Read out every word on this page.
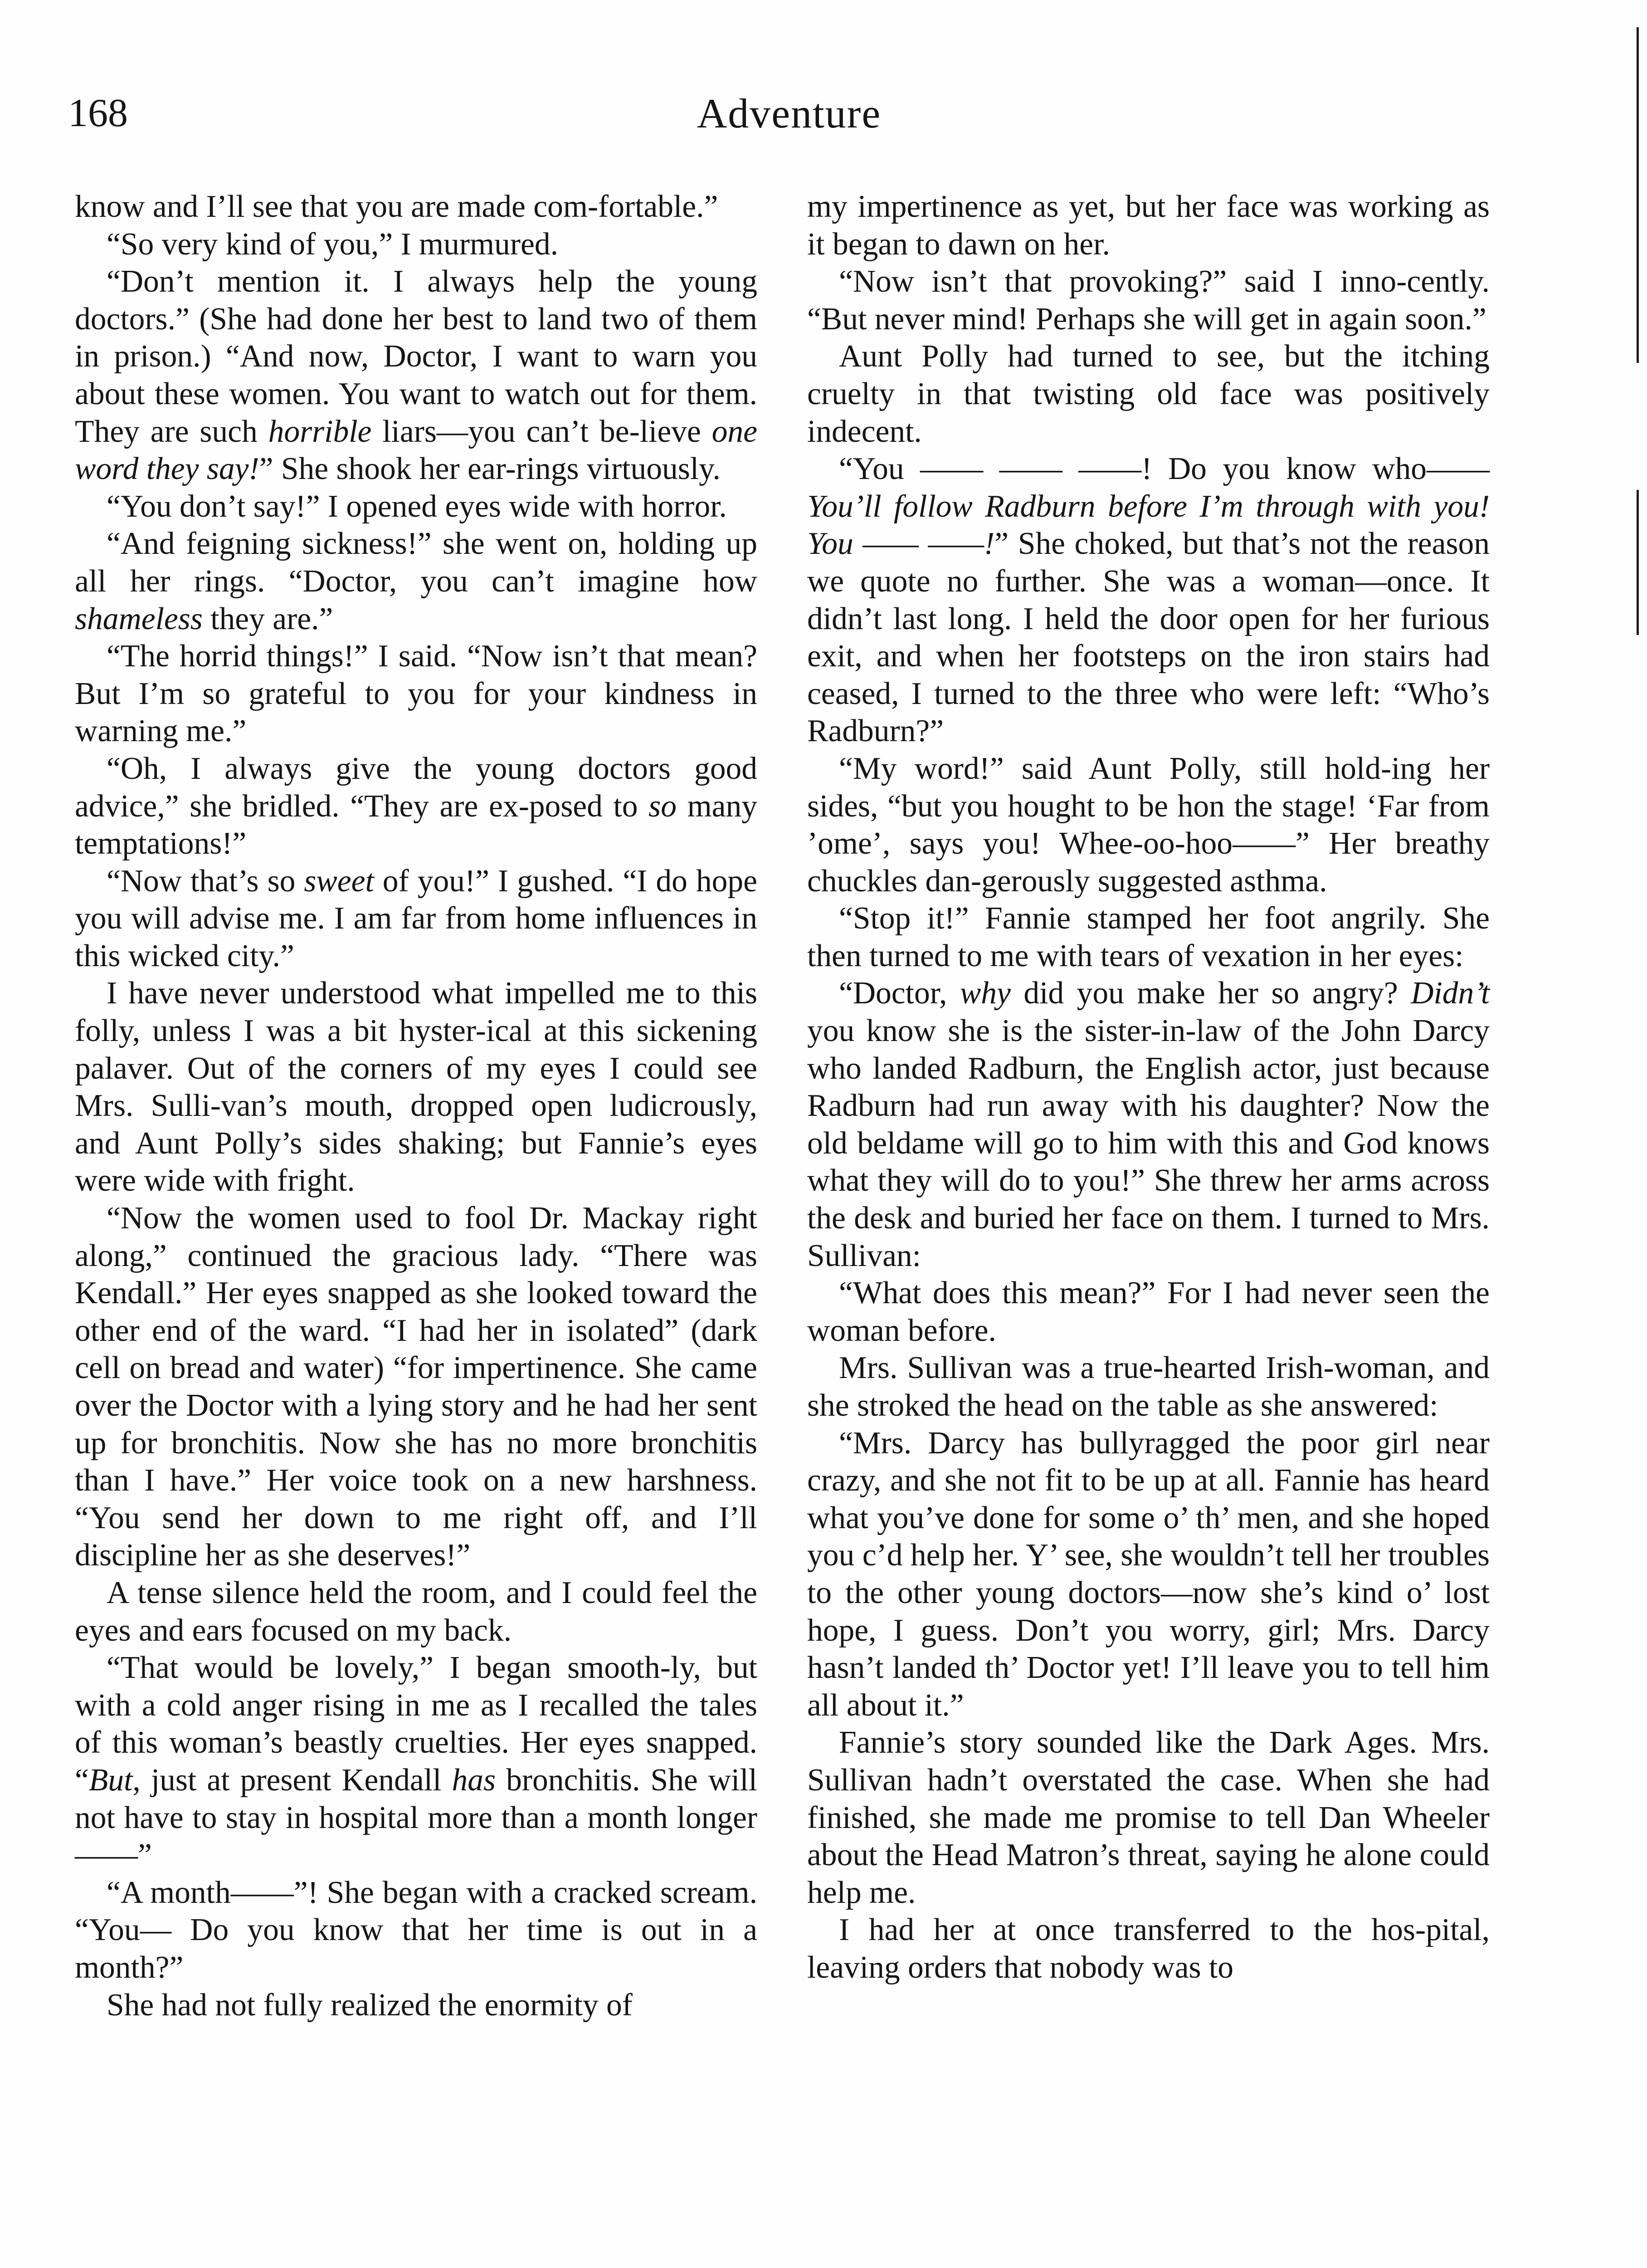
168	Adventure

know and I’ll see that you are made com-fortable.”

“So very kind of you,” I murmured.

“Don’t mention it. I always help the young doctors.” (She had done her best to land two of them in prison.) “And now, Doctor, I want to warn you about these women. You want to watch out for them. They are such horrible liars—you can’t be-lieve one word they say!” She shook her ear-rings virtuously.

“You don’t say!” I opened eyes wide with horror.

“And feigning sickness!” she went on, holding up all her rings. “Doctor, you can’t imagine how shameless they are.”

“The horrid things!” I said. “Now isn’t that mean? But I’m so grateful to you for your kindness in warning me.”

“Oh, I always give the young doctors good advice,” she bridled. “They are ex-posed to so many temptations!”

“Now that’s so sweet of you!” I gushed. “I do hope you will advise me. I am far from home influences in this wicked city.”

I have never understood what impelled me to this folly, unless I was a bit hyster-ical at this sickening palaver. Out of the corners of my eyes I could see Mrs. Sulli-van’s mouth, dropped open ludicrously, and Aunt Polly’s sides shaking; but Fannie’s eyes were wide with fright.

“Now the women used to fool Dr. Mackay right along,” continued the gracious lady. “There was Kendall.” Her eyes snapped as she looked toward the other end of the ward. “I had her in isolated” (dark cell on bread and water) “for impertinence. She came over the Doctor with a lying story and he had her sent up for bronchitis. Now she has no more bronchitis than I have.” Her voice took on a new harshness. “You send her down to me right off, and I’ll discipline her as she deserves!”

A tense silence held the room, and I could feel the eyes and ears focused on my back.

“That would be lovely,” I began smooth-ly, but with a cold anger rising in me as I recalled the tales of this woman’s beastly cruelties. Her eyes snapped. “But, just at present Kendall has bronchitis. She will not have to stay in hospital more than a month longer——”

“A month——”! She began with a cracked scream. “You— Do you know that her time is out in a month?”

She had not fully realized the enormity of

my impertinence as yet, but her face was working as it began to dawn on her.

“Now isn’t that provoking?” said I inno-cently. “But never mind! Perhaps she will get in again soon.”

Aunt Polly had turned to see, but the itching cruelty in that twisting old face was positively indecent.

“You —— —— ——! Do you know who—— You’ll follow Radburn before I’m through with you! You —— ——!” She choked, but that’s not the reason we quote no further. She was a woman—once. It didn’t last long. I held the door open for her furious exit, and when her footsteps on the iron stairs had ceased, I turned to the three who were left: “Who’s Radburn?”

“My word!” said Aunt Polly, still hold-ing her sides, “but you hought to be hon the stage! ‘Far from ’ome’, says you! Whee-oo-hoo——” Her breathy chuckles dan-gerously suggested asthma.

“Stop it!” Fannie stamped her foot angrily. She then turned to me with tears of vexation in her eyes:

“Doctor, why did you make her so angry? Didn’t you know she is the sister-in-law of the John Darcy who landed Radburn, the English actor, just because Radburn had run away with his daughter? Now the old beldame will go to him with this and God knows what they will do to you!” She threw her arms across the desk and buried her face on them. I turned to Mrs. Sullivan:

“What does this mean?” For I had never seen the woman before.

Mrs. Sullivan was a true-hearted Irish-woman, and she stroked the head on the table as she answered:

“Mrs. Darcy has bullyragged the poor girl near crazy, and she not fit to be up at all. Fannie has heard what you’ve done for some o’ th’ men, and she hoped you c’d help her. Y’ see, she wouldn’t tell her troubles to the other young doctors—now she’s kind o’ lost hope, I guess. Don’t you worry, girl; Mrs. Darcy hasn’t landed th’ Doctor yet! I’ll leave you to tell him all about it.”

Fannie’s story sounded like the Dark Ages. Mrs. Sullivan hadn’t overstated the case. When she had finished, she made me promise to tell Dan Wheeler about the Head Matron’s threat, saying he alone could help me.

I had her at once transferred to the hos-pital, leaving orders that nobody was to
